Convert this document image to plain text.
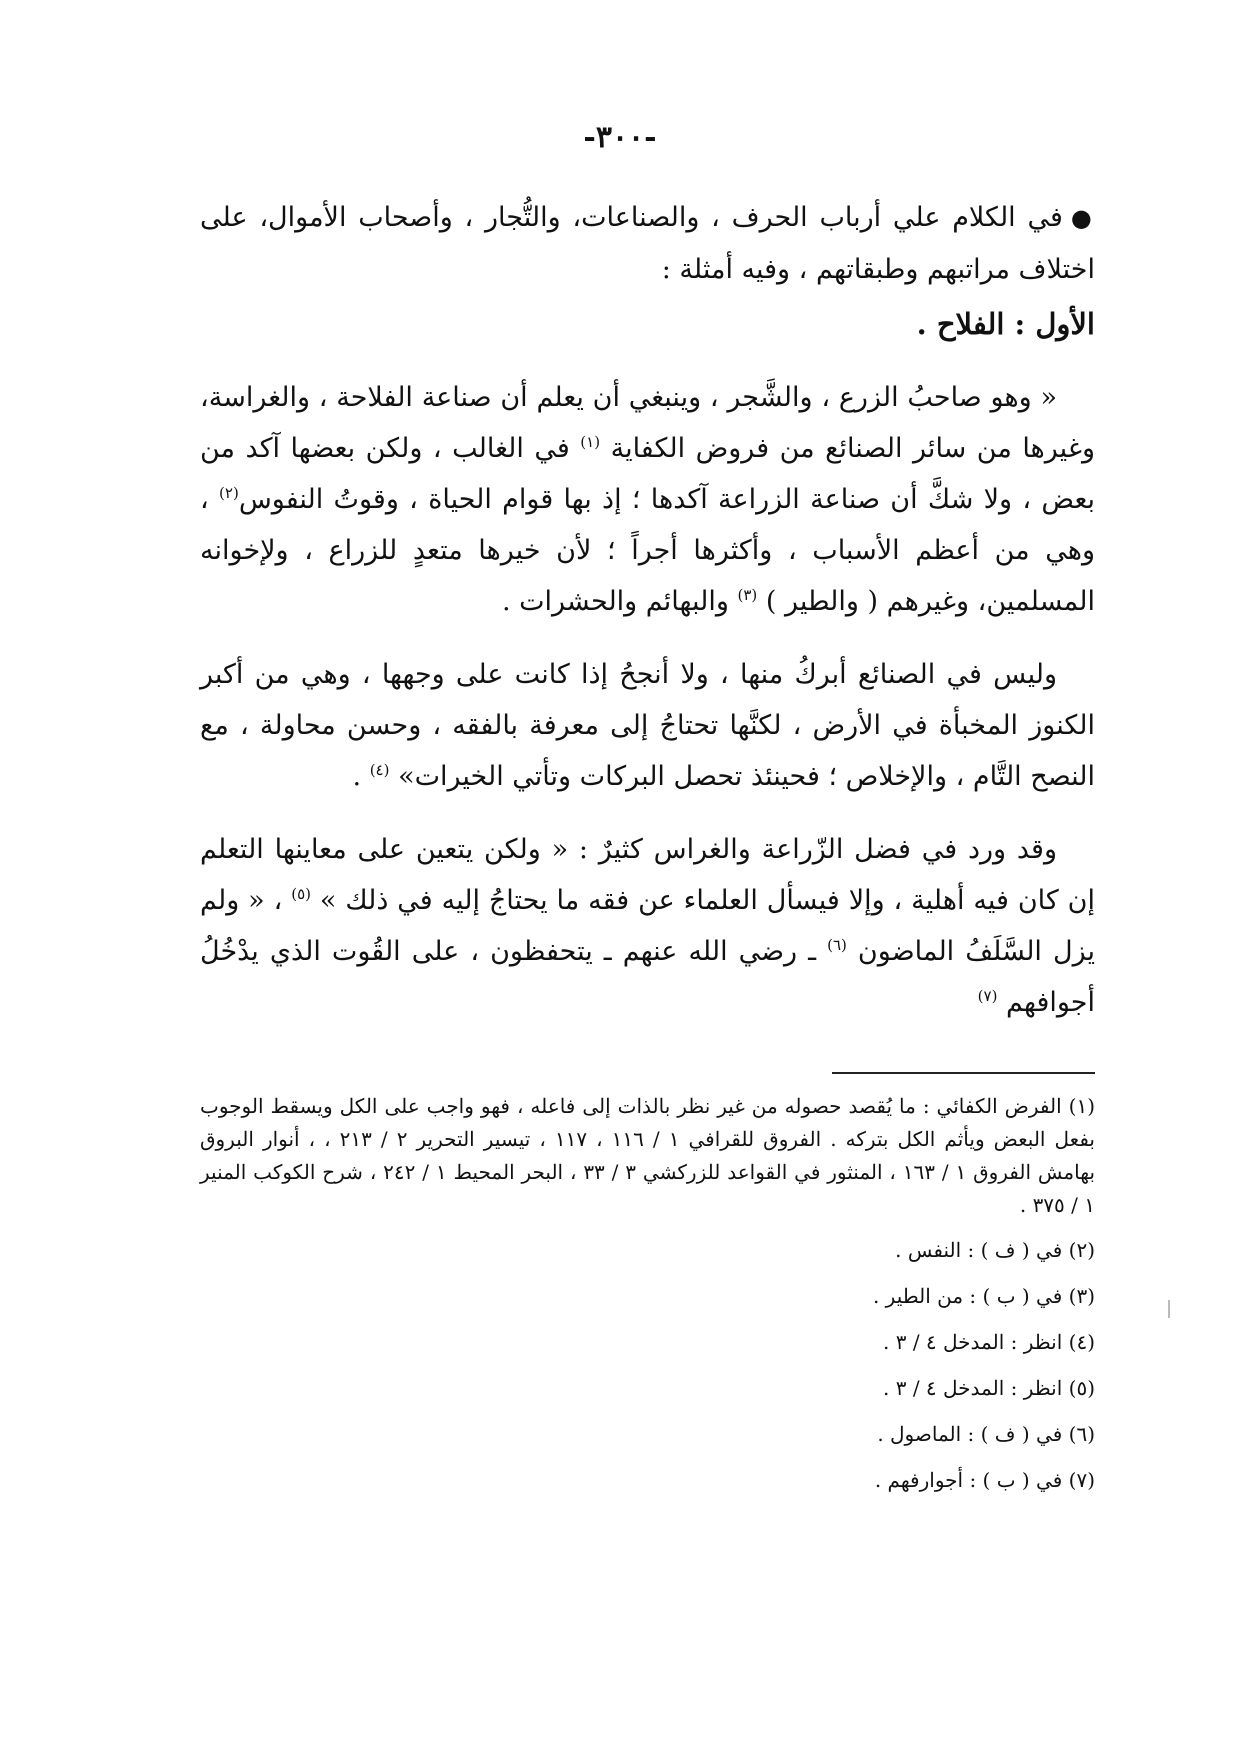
-٣٠٠-

●في الكلام علي أرباب الحرف ، والصناعات، والتُّجار ، وأصحاب الأموال، على اختلاف مراتبهم وطبقاتهم ، وفيه أمثلة :

الأول : الفلاح .

« وهو صاحبُ الزرع ، والشَّجر ، وينبغي أن يعلم أن صناعة الفلاحة ، والغراسة، وغيرها من سائر الصنائع من فروض الكفاية $^{(١)}$ في الغالب ، ولكن بعضها آكد من بعض ، ولا شكَّ أن صناعة الزراعة آكدها ؛ إذ بها قوام الحياة ، وقوتُ النفوس$^{(٢)}$ ، وهي من أعظم الأسباب ، وأكثرها أجراً ؛ لأن خيرها متعدٍ للزراع ، ولإخوانه المسلمين، وغيرهم ( والطير ) $^{(٣)}$ والبهائم والحشرات .

وليس في الصنائع أبركُ منها ، ولا أنجحُ إذا كانت على وجهها ، وهي من أكبر الكنوز المخبأة في الأرض ، لكنَّها تحتاجُ إلى معرفة بالفقه ، وحسن محاولة ، مع النصح التَّام ، والإخلاص ؛ فحينئذ تحصل البركات وتأتي الخيرات» $^{(٤)}$ .

وقد ورد في فضل الزّراعة والغراس كثيرٌ : « ولكن يتعين على معاينها التعلم إن كان فيه أهلية ، وإلا فيسأل العلماء عن فقه ما يحتاجُ إليه في ذلك » $^{(٥)}$ ، « ولم يزل السَّلَفُ الماضون $^{(٦)}$ ـ رضي الله عنهم ـ يتحفظون ، على القُوت الذي يدْخُلُ أجوافهم $^{(٧)}$

(١) الفرض الكفائي : ما يُقصد حصوله من غير نظر بالذات إلى فاعله ، فهو واجب على الكل ويسقط الوجوب بفعل البعض ويأثم الكل بتركه . الفروق للقرافي ١ / ١١٦ ، ١١٧ ، تيسير التحرير ٢ / ٢١٣ ، ، أنوار البروق بهامش الفروق ١ / ١٦٣ ، المنثور في القواعد للزركشي ٣ / ٣٣ ، البحر المحيط ١ / ٢٤٢ ، شرح الكوكب المنير ١ / ٣٧٥ .

(٢) في ( ف ) : النفس .

(٣) في ( ب ) : من الطير .

(٤) انظر : المدخل ٤ / ٣ .

(٥) انظر : المدخل ٤ / ٣ .

(٦) في ( ف ) : الماصول .

(٧) في ( ب ) : أجوارفهم .
